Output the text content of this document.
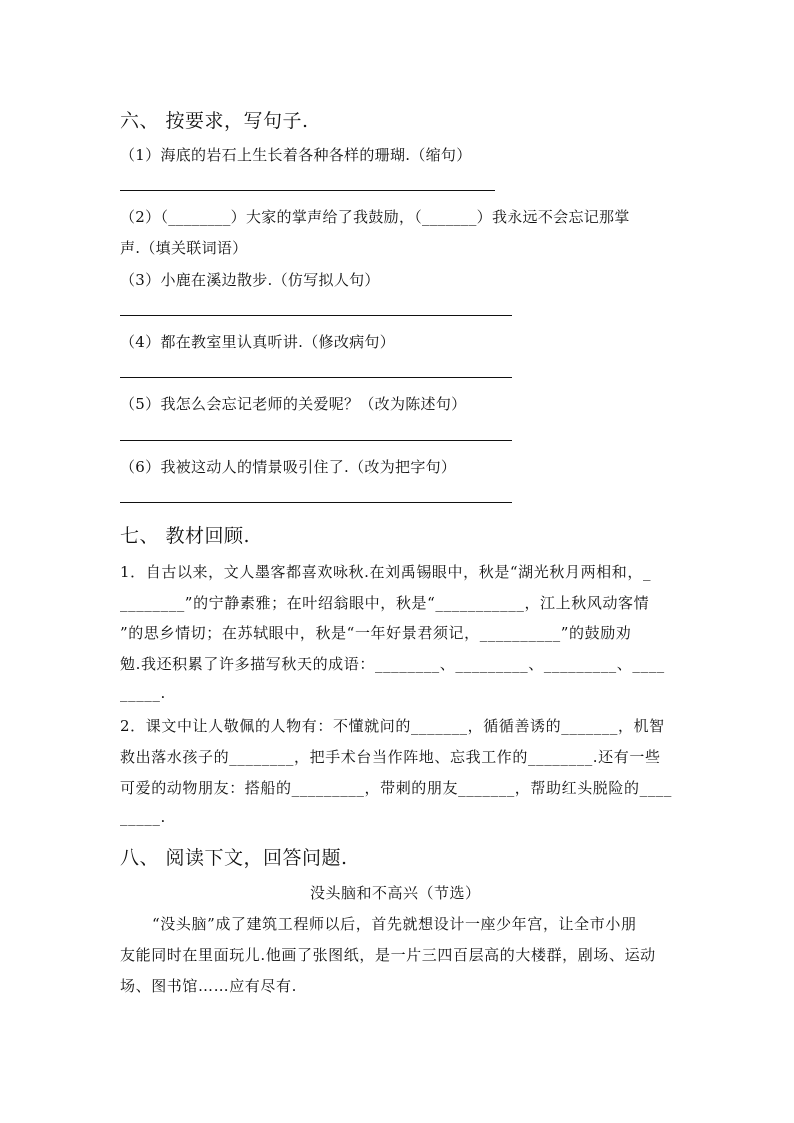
六、 按要求，写句子.
（1）海底的岩石上生长着各种各样的珊瑚.（缩句）
（2）（________）大家的掌声给了我鼓励，（_______）我永远不会忘记那掌
声.（填关联词语）
（3）小鹿在溪边散步.（仿写拟人句）
（4）都在教室里认真听讲.（修改病句）
（5）我怎么会忘记老师的关爱呢？（改为陈述句）
（6）我被这动人的情景吸引住了.（改为把字句）
七、 教材回顾.
1．自古以来，文人墨客都喜欢咏秋.在刘禹锡眼中，秋是“湖光秋月两相和，_
________”的宁静素雅；在叶绍翁眼中，秋是“___________，江上秋风动客情
”的思乡情切；在苏轼眼中，秋是“一年好景君须记，__________”的鼓励劝
勉.我还积累了许多描写秋天的成语：________、_________、_________、____
_____.
2．课文中让人敬佩的人物有：不懂就问的_______，循循善诱的_______，机智
救出落水孩子的________，把手术台当作阵地、忘我工作的________.还有一些
可爱的动物朋友：搭船的_________，带刺的朋友_______，帮助红头脱险的____
_____.
八、 阅读下文，回答问题.
没头脑和不高兴（节选）
“没头脑”成了建筑工程师以后，首先就想设计一座少年宫，让全市小朋
友能同时在里面玩儿.他画了张图纸，是一片三四百层高的大楼群，剧场、运动
场、图书馆……应有尽有.
